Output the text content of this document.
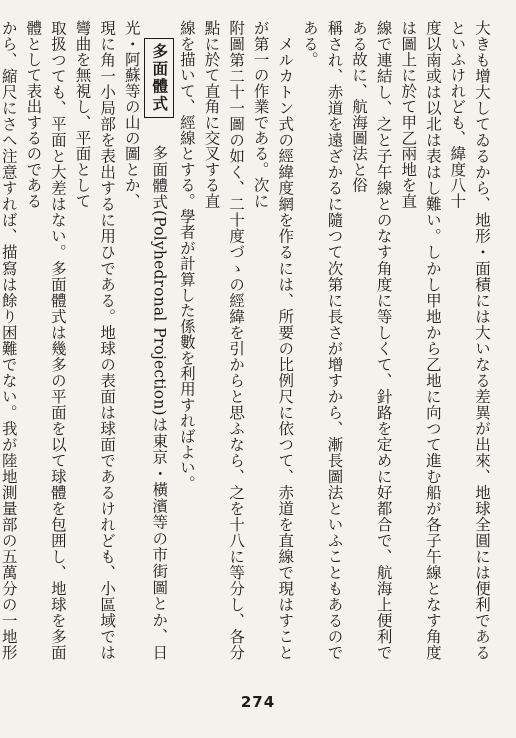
大きも增大してゐるから、地形・面積には大いなる差異が出來、地球全圓には便利であるといふけれども、緯度八十
度以南或は以北は表はし難い。しかし甲地から乙地に向つて進む船が各子午線となす角度は圖上に於て甲乙兩地を直
線で連結し、之と子午線とのなす角度に等しくて、針路を定めに好都合で、航海上便利である故に、航海圖法と俗
稱され、赤道を遠ざかるに隨つて次第に長さが增すから、漸長圖法といふこともあるのである。
　メルカトン式の經緯度網を作るには、所要の比例尺に依つて、赤道を直線で現はすことが第一の作業である。次に
附圖第二十一圖の如く、二十度づゝの經緯を引からと思ふなら、之を十八に等分し、各分點に於て直角に交叉する直
線を描いて、經線とする。學者が計算した係數を利用すればよい。
多面體式　多面體式(Polyhedronal Projection)は東京・橫濱等の市街圖とか、日光・阿蘇等の山の圖とか、
現に角一小局部を表出するに用ひである。地球の表面は球面であるけれども、小區域では彎曲を無視し、平面として
取扱つても、平面と大差はない。多面體式は幾多の平面を以て球體を包囲し、地球を多面體として表出するのである
から、縮尺にさへ注意すれば、描寫は餘り困難でない。我が陸地測量部の五萬分の一地形
274
